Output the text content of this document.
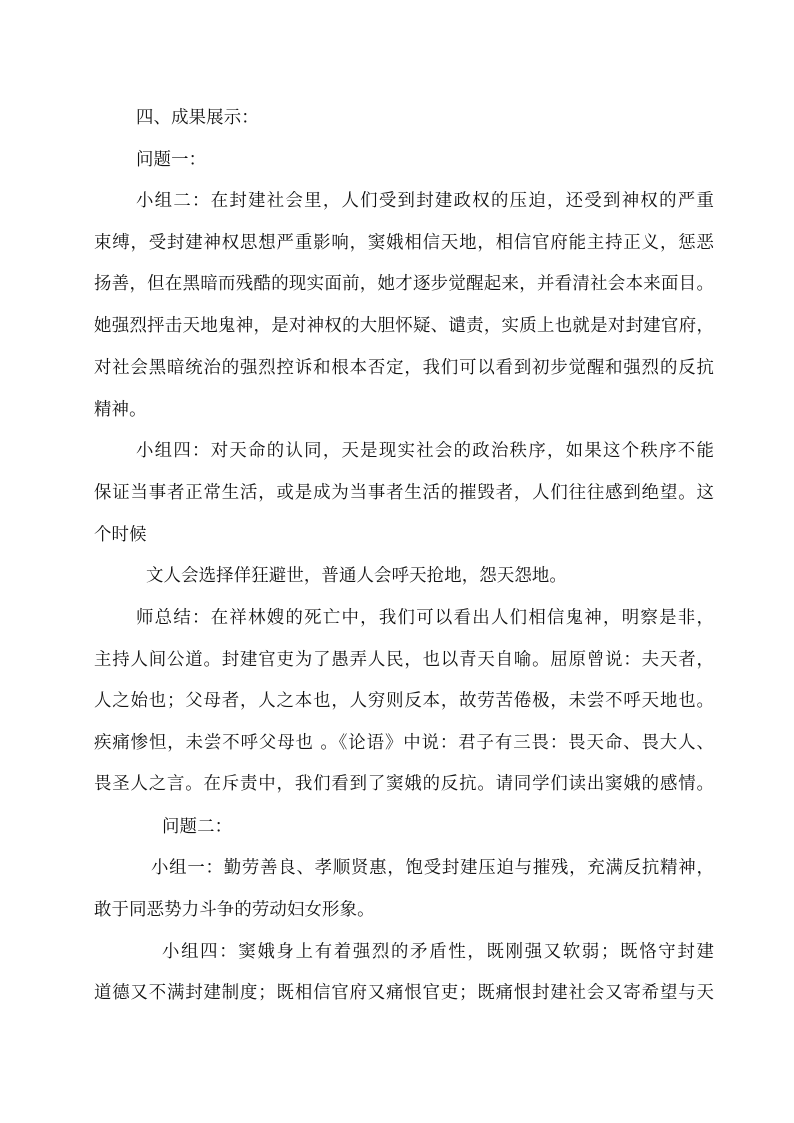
四、成果展示：
问题一：
小组二：在封建社会里，人们受到封建政权的压迫，还受到神权的严重
束缚，受封建神权思想严重影响，窦娥相信天地，相信官府能主持正义，惩恶
扬善，但在黑暗而残酷的现实面前，她才逐步觉醒起来，并看清社会本来面目。
她强烈抨击天地鬼神，是对神权的大胆怀疑、谴责，实质上也就是对封建官府，
对社会黑暗统治的强烈控诉和根本否定，我们可以看到初步觉醒和强烈的反抗
精神。
小组四：对天命的认同，天是现实社会的政治秩序，如果这个秩序不能
保证当事者正常生活，或是成为当事者生活的摧毁者，人们往往感到绝望。这
个时候
文人会选择佯狂避世，普通人会呼天抢地，怨天怨地。
师总结：在祥林嫂的死亡中，我们可以看出人们相信鬼神，明察是非，
主持人间公道。封建官吏为了愚弄人民，也以青天自喻。屈原曾说：夫天者，
人之始也；父母者，人之本也，人穷则反本，故劳苦倦极，未尝不呼天地也。
疾痛惨怛，未尝不呼父母也 。《论语》中说：君子有三畏：畏天命、畏大人、
畏圣人之言。在斥责中，我们看到了窦娥的反抗。请同学们读出窦娥的感情。
问题二：
小组一：勤劳善良、孝顺贤惠，饱受封建压迫与摧残，充满反抗精神，
敢于同恶势力斗争的劳动妇女形象。
小组四：窦娥身上有着强烈的矛盾性，既刚强又软弱；既恪守封建
道德又不满封建制度；既相信官府又痛恨官吏；既痛恨封建社会又寄希望与天
